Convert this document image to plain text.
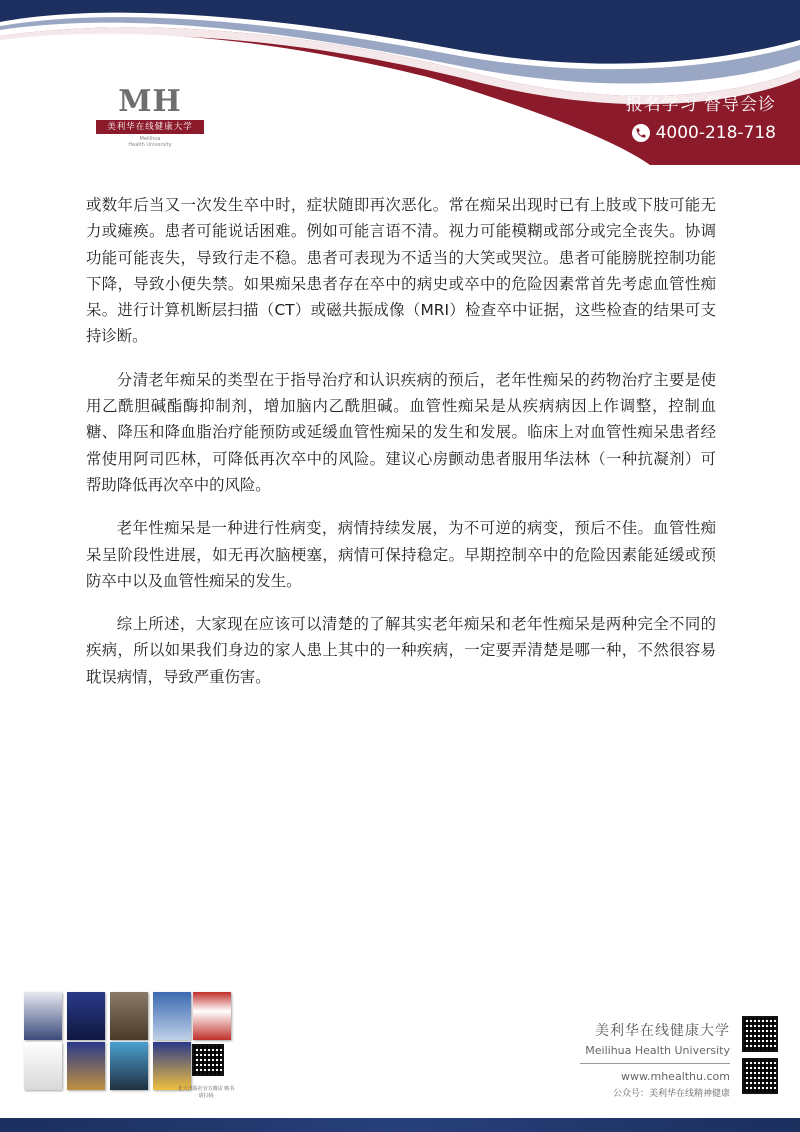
MH
美利华在线健康大学
Meilihua
Health University
报名学习 督导会诊
4000-218-718

或数年后当又一次发生卒中时，症状随即再次恶化。常在痴呆出现时已有上肢或下肢可能无力或瘫痪。患者可能说话困难。例如可能言语不清。视力可能模糊或部分或完全丧失。协调功能可能丧失，导致行走不稳。患者可表现为不适当的大笑或哭泣。患者可能膀胱控制功能下降，导致小便失禁。如果痴呆患者存在卒中的病史或卒中的危险因素常首先考虑血管性痴呆。进行计算机断层扫描（CT）或磁共振成像（MRI）检查卒中证据，这些检查的结果可支持诊断。

分清老年痴呆的类型在于指导治疗和认识疾病的预后，老年性痴呆的药物治疗主要是使用乙酰胆碱酯酶抑制剂，增加脑内乙酰胆碱。血管性痴呆是从疾病病因上作调整，控制血糖、降压和降血脂治疗能预防或延缓血管性痴呆的发生和发展。临床上对血管性痴呆患者经常使用阿司匹林，可降低再次卒中的风险。建议心房颤动患者服用华法林（一种抗凝剂）可帮助降低再次卒中的风险。

老年性痴呆是一种进行性病变，病情持续发展，为不可逆的病变，预后不佳。血管性痴呆呈阶段性进展，如无再次脑梗塞，病情可保持稳定。早期控制卒中的危险因素能延缓或预防卒中以及血管性痴呆的发生。

综上所述，大家现在应该可以清楚的了解其实老年痴呆和老年性痴呆是两种完全不同的疾病，所以如果我们身边的家人患上其中的一种疾病，一定要弄清楚是哪一种，不然很容易耽误病情，导致严重伤害。

北大出版社官方微店 购书请扫码
美利华在线健康大学
Meilihua Health University
www.mhealthu.com
公众号：美利华在线精神健康
